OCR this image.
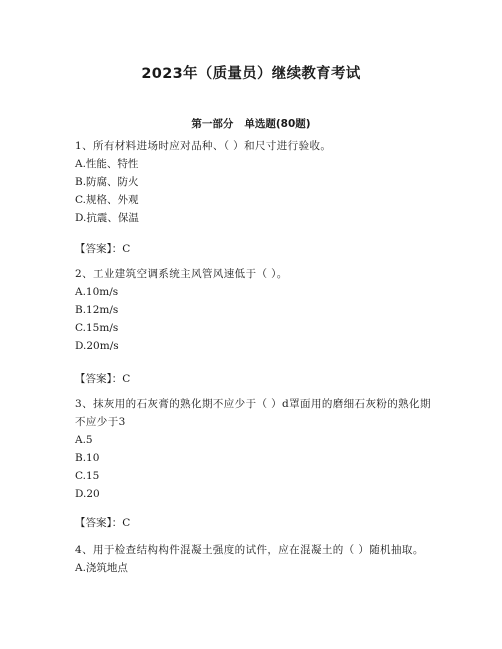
2023年（质量员）继续教育考试
第一部分   单选题(80题)
1、所有材料进场时应对品种、（ ）和尺寸进行验收。
A.性能、特性
B.防腐、防火
C.规格、外观
D.抗震、保温
【答案】：C
2、工业建筑空调系统主风管风速低于（ ）。
A.10m/s
B.12m/s
C.15m/s
D.20m/s
【答案】：C
3、抹灰用的石灰膏的熟化期不应少于（ ）d罩面用的磨细石灰粉的熟化期不应少于3
A.5
B.10
C.15
D.20
【答案】：C
4、用于检查结构构件混凝土强度的试件，应在混凝土的（ ）随机抽取。
A.浇筑地点
